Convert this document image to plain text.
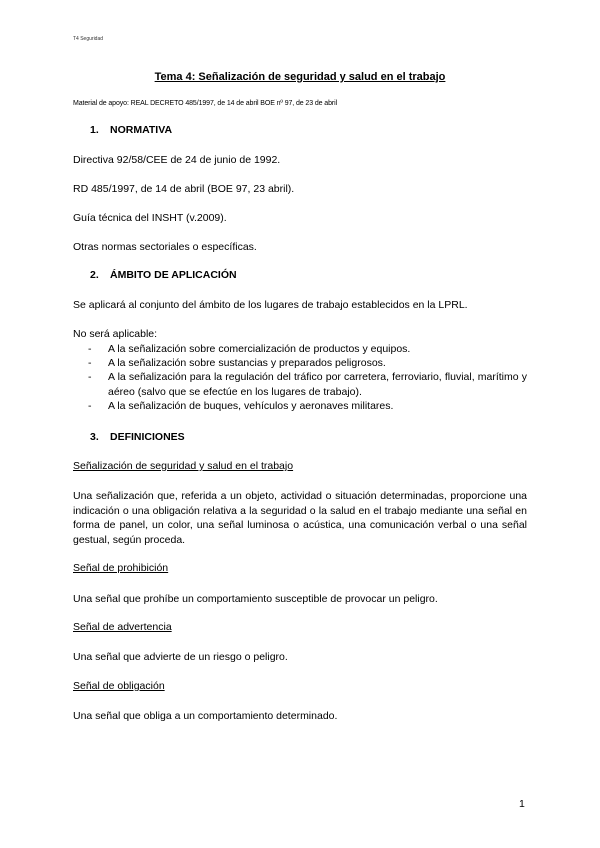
T4 Seguridad
Tema 4: Señalización de seguridad y salud en el trabajo
Material de apoyo: REAL DECRETO 485/1997, de 14 de abril BOE nº 97, de 23 de abril
1. NORMATIVA
Directiva 92/58/CEE de 24 de junio de 1992.
RD 485/1997, de 14 de abril (BOE 97, 23 abril).
Guía técnica del INSHT (v.2009).
Otras normas sectoriales o específicas.
2. ÁMBITO DE APLICACIÓN
Se aplicará al conjunto del ámbito de los lugares de trabajo establecidos en la LPRL.
No será aplicable:
- A la señalización sobre comercialización de productos y equipos.
- A la señalización sobre sustancias y preparados peligrosos.
- A la señalización para la regulación del tráfico por carretera, ferroviario, fluvial, marítimo y aéreo (salvo que se efectúe en los lugares de trabajo).
- A la señalización de buques, vehículos y aeronaves militares.
3. DEFINICIONES
Señalización de seguridad y salud en el trabajo
Una señalización que, referida a un objeto, actividad o situación determinadas, proporcione una indicación o una obligación relativa a la seguridad o la salud en el trabajo mediante una señal en forma de panel, un color, una señal luminosa o acústica, una comunicación verbal o una señal gestual, según proceda.
Señal de prohibición
Una señal que prohíbe un comportamiento susceptible de provocar un peligro.
Señal de advertencia
Una señal que advierte de un riesgo o peligro.
Señal de obligación
Una señal que obliga a un comportamiento determinado.
1
